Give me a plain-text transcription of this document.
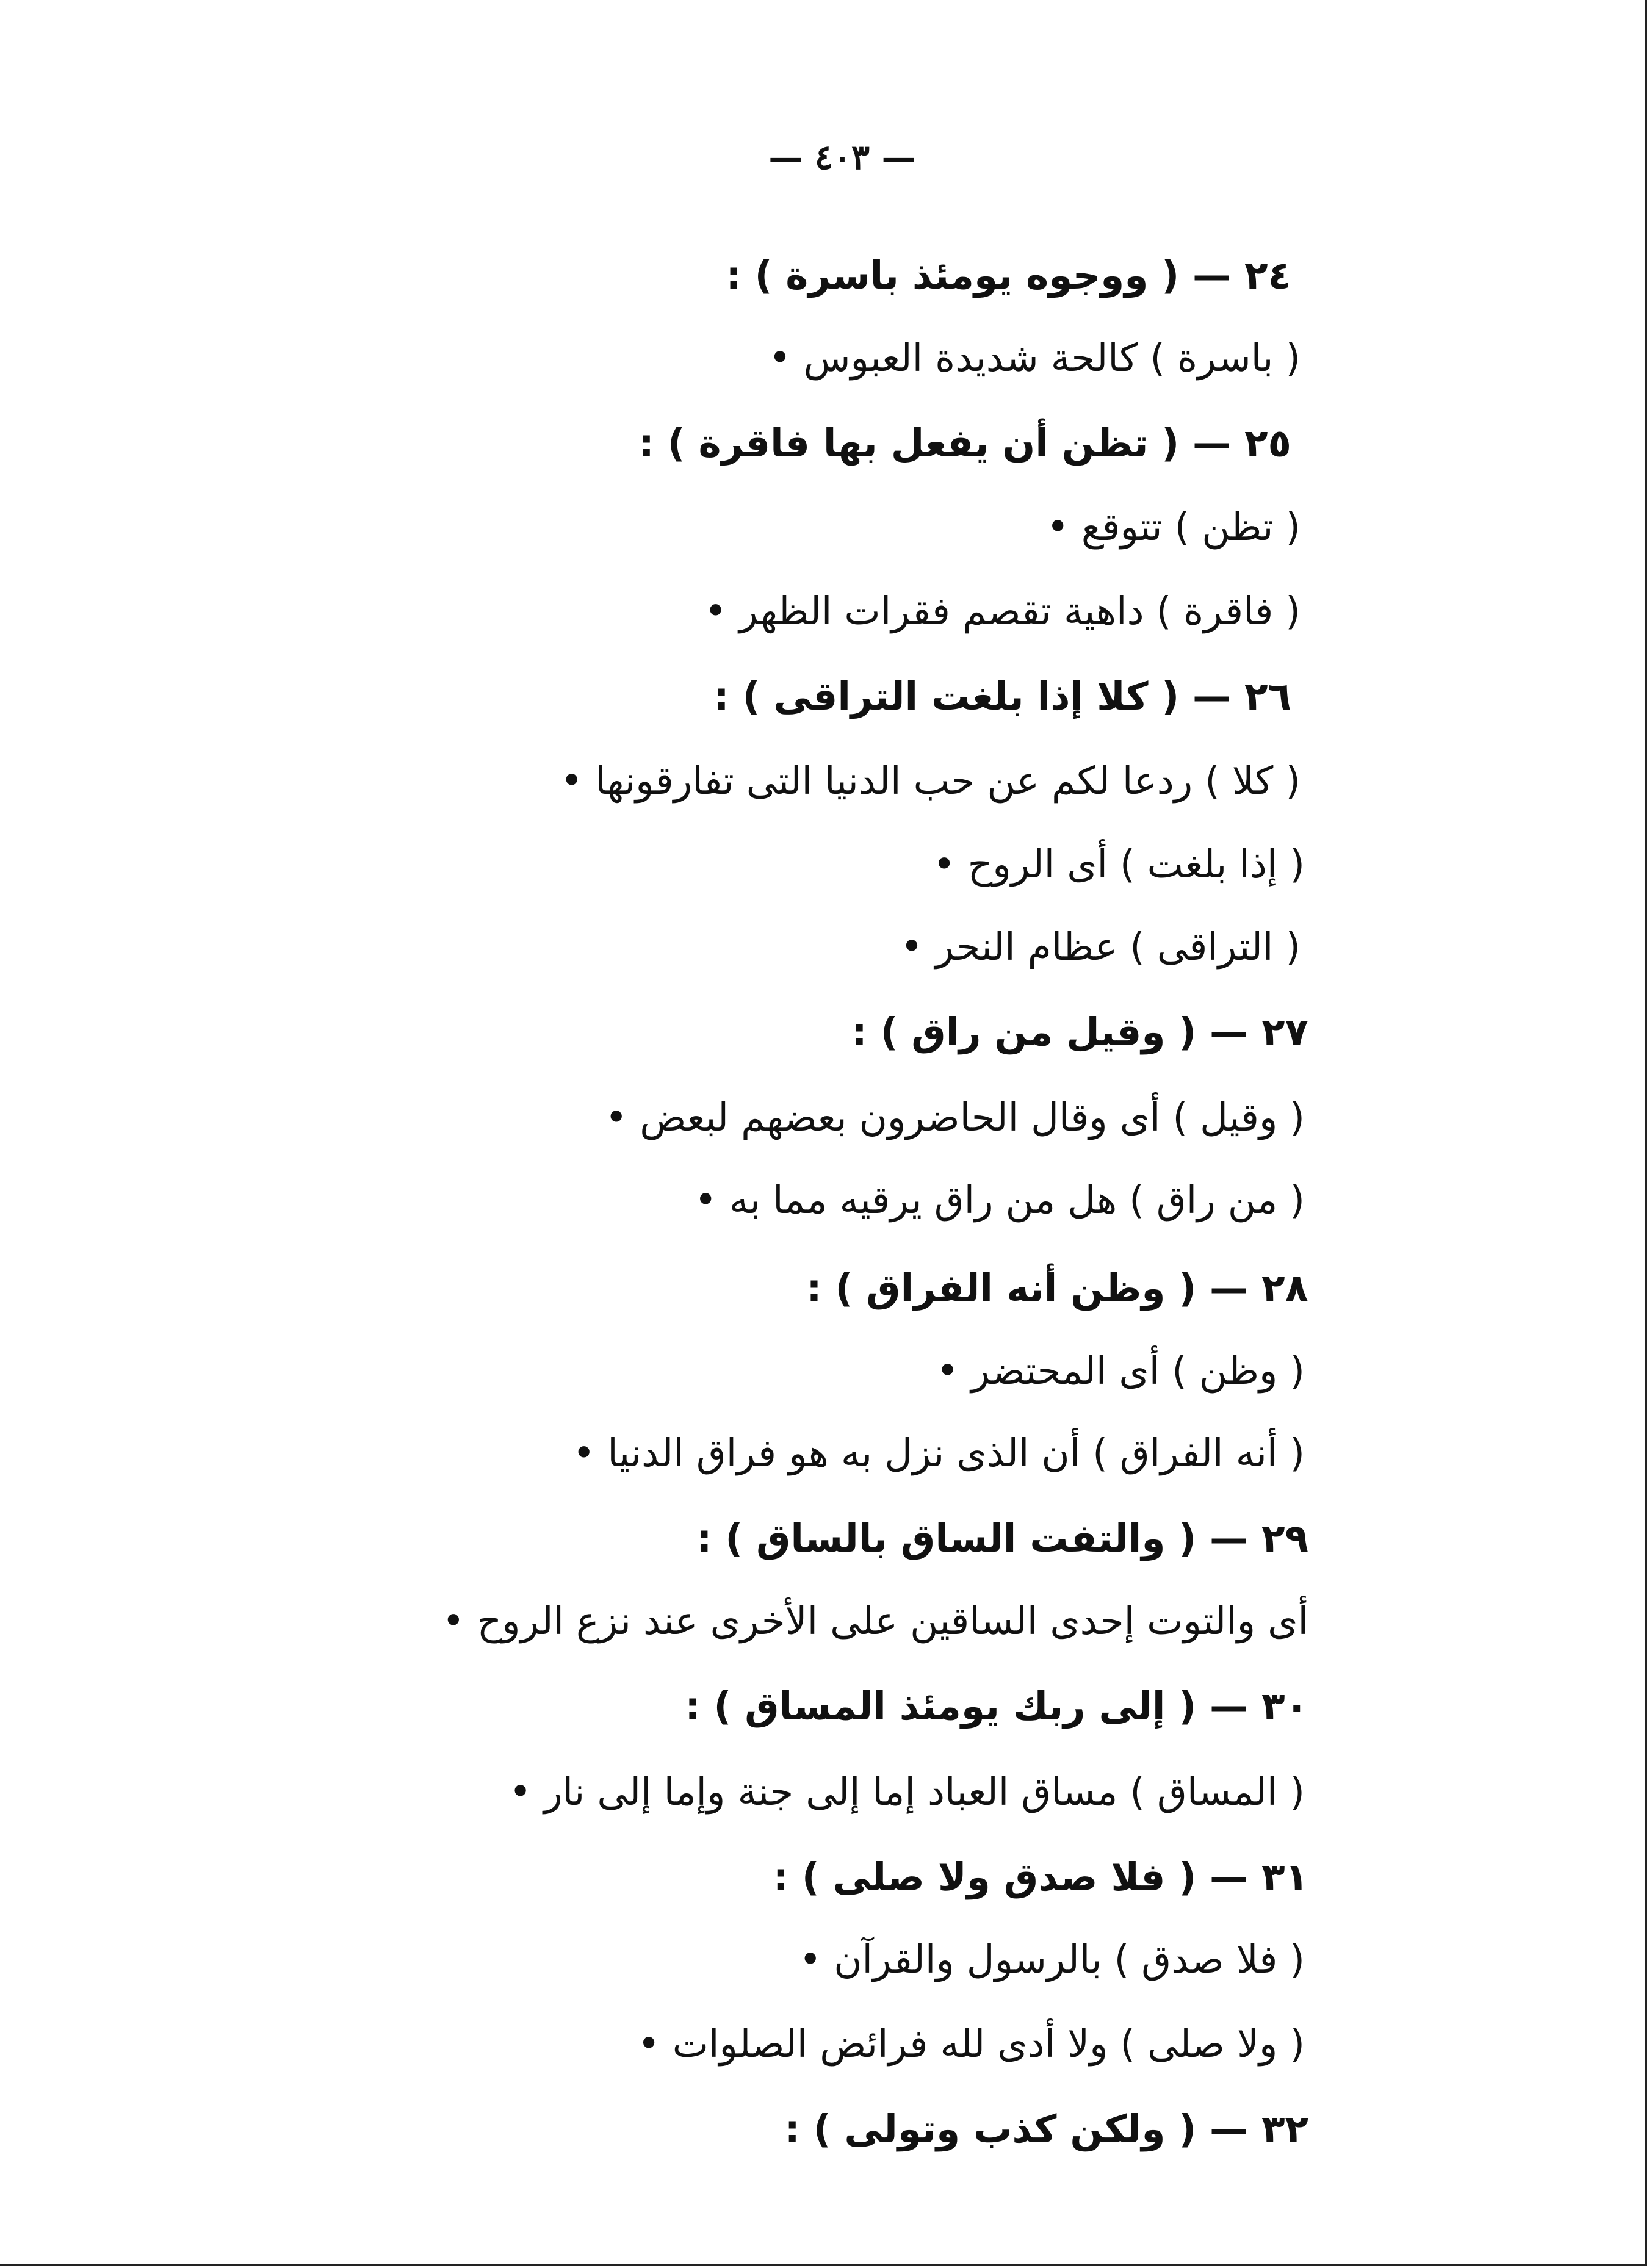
— ٤٠٣ —
٢٤ — ( ووجوه يومئذ باسرة ) :
( باسرة ) كالحة شديدة العبوس •
٢٥ — ( تظن أن يفعل بها فاقرة ) :
( تظن ) تتوقع •
( فاقرة ) داهية تقصم فقرات الظهر •
٢٦ — ( كلا إذا بلغت التراقى ) :
( كلا ) ردعا لكم عن حب الدنيا التى تفارقونها •
( إذا بلغت ) أى الروح •
( التراقى ) عظام النحر •
٢٧ — ( وقيل من راق ) :
( وقيل ) أى وقال الحاضرون بعضهم لبعض •
( من راق ) هل من راق يرقيه مما به •
٢٨ — ( وظن أنه الفراق ) :
( وظن ) أى المحتضر •
( أنه الفراق ) أن الذى نزل به هو فراق الدنيا •
٢٩ — ( والتفت الساق بالساق ) :
أى والتوت إحدى الساقين على الأخرى عند نزع الروح •
٣٠ — ( إلى ربك يومئذ المساق ) :
( المساق ) مساق العباد إما إلى جنة وإما إلى نار •
٣١ — ( فلا صدق ولا صلى ) :
( فلا صدق ) بالرسول والقرآن •
( ولا صلى ) ولا أدى لله فرائض الصلوات •
٣٢ — ( ولكن كذب وتولى ) :
